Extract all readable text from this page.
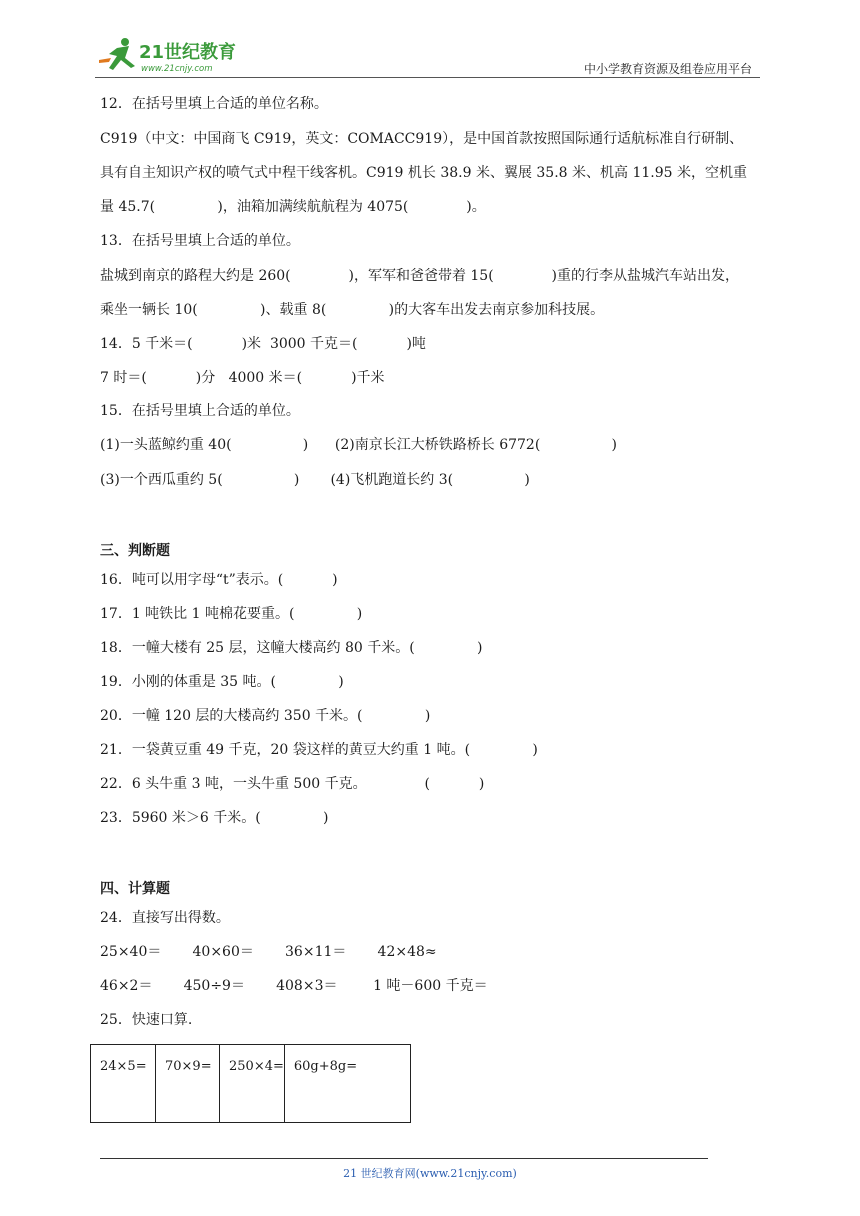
21世纪教育
www.21cnjy.com	中小学教育资源及组卷应用平台
12．在括号里填上合适的单位名称。
C919（中文：中国商飞 C919，英文：COMACC919），是中国首款按照国际通行适航标准自行研制、
具有自主知识产权的喷气式中程干线客机。C919 机长 38.9 米、翼展 35.8 米、机高 11.95 米，空机重
量 45.7(              )，油箱加满续航航程为 4075(             )。
13．在括号里填上合适的单位。
盐城到南京的路程大约是 260(             )，军军和爸爸带着 15(             )重的行李从盐城汽车站出发，
乘坐一辆长 10(              )、载重 8(              )的大客车出发去南京参加科技展。
14．5 千米＝(           )米  3000 千克＝(           )吨
7 时＝(           )分   4000 米＝(           )千米
15．在括号里填上合适的单位。
(1)一头蓝鲸约重 40(                )      (2)南京长江大桥铁路桥长 6772(                )
(3)一个西瓜重约 5(                )       (4)飞机跑道长约 3(                )
三、判断题
16．吨可以用字母“t”表示。(           )
17．1 吨铁比 1 吨棉花要重。(              )
18．一幢大楼有 25 层，这幢大楼高约 80 千米。(              )
19．小刚的体重是 35 吨。(              )
20．一幢 120 层的大楼高约 350 千米。(              )
21．一袋黄豆重 49 千克，20 袋这样的黄豆大约重 1 吨。(              )
22．6 头牛重 3 吨，一头牛重 500 千克。             (           )
23．5960 米＞6 千米。(              )
四、计算题
24．直接写出得数。
25×40＝       40×60＝       36×11＝       42×48≈
46×2＝       450÷9＝       408×3＝        1 吨－600 千克＝
25．快速口算.
24×5=	70×9=	250×4=	60g+8g=
21 世纪教育网(www.21cnjy.com)
